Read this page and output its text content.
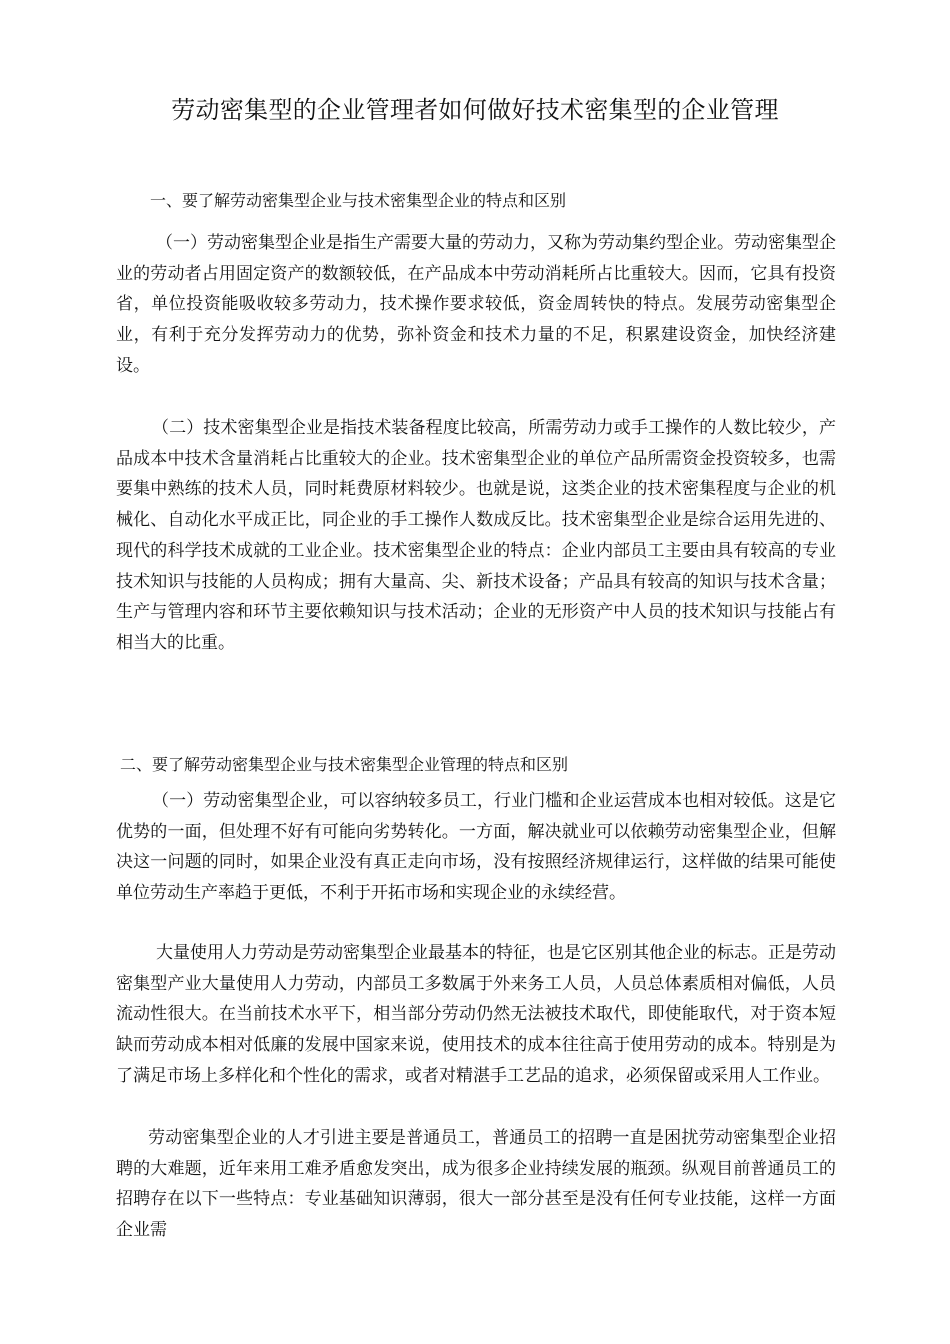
劳动密集型的企业管理者如何做好技术密集型的企业管理
一、要了解劳动密集型企业与技术密集型企业的特点和区别

（一）劳动密集型企业是指生产需要大量的劳动力，又称为劳动集约型企业。劳动密集型企业的劳动者占用固定资产的数额较低，在产品成本中劳动消耗所占比重较大。因而，它具有投资省，单位投资能吸收较多劳动力，技术操作要求较低，资金周转快的特点。发展劳动密集型企业，有利于充分发挥劳动力的优势，弥补资金和技术力量的不足，积累建设资金，加快经济建设。

（二）技术密集型企业是指技术装备程度比较高，所需劳动力或手工操作的人数比较少，产品成本中技术含量消耗占比重较大的企业。技术密集型企业的单位产品所需资金投资较多，也需要集中熟练的技术人员，同时耗费原材料较少。也就是说，这类企业的技术密集程度与企业的机械化、自动化水平成正比，同企业的手工操作人数成反比。技术密集型企业是综合运用先进的、现代的科学技术成就的工业企业。技术密集型企业的特点：企业内部员工主要由具有较高的专业技术知识与技能的人员构成；拥有大量高、尖、新技术设备；产品具有较高的知识与技术含量；生产与管理内容和环节主要依赖知识与技术活动；企业的无形资产中人员的技术知识与技能占有相当大的比重。

二、要了解劳动密集型企业与技术密集型企业管理的特点和区别

（一）劳动密集型企业，可以容纳较多员工，行业门槛和企业运营成本也相对较低。这是它优势的一面，但处理不好有可能向劣势转化。一方面，解决就业可以依赖劳动密集型企业，但解决这一问题的同时，如果企业没有真正走向市场，没有按照经济规律运行，这样做的结果可能使单位劳动生产率趋于更低，不利于开拓市场和实现企业的永续经营。

大量使用人力劳动是劳动密集型企业最基本的特征，也是它区别其他企业的标志。正是劳动密集型产业大量使用人力劳动，内部员工多数属于外来务工人员，人员总体素质相对偏低，人员流动性很大。在当前技术水平下，相当部分劳动仍然无法被技术取代，即使能取代，对于资本短缺而劳动成本相对低廉的发展中国家来说，使用技术的成本往往高于使用劳动的成本。特别是为了满足市场上多样化和个性化的需求，或者对精湛手工艺品的追求，必须保留或采用人工作业。

劳动密集型企业的人才引进主要是普通员工，普通员工的招聘一直是困扰劳动密集型企业招聘的大难题，近年来用工难矛盾愈发突出，成为很多企业持续发展的瓶颈。纵观目前普通员工的招聘存在以下一些特点：专业基础知识薄弱，很大一部分甚至是没有任何专业技能，这样一方面企业需
